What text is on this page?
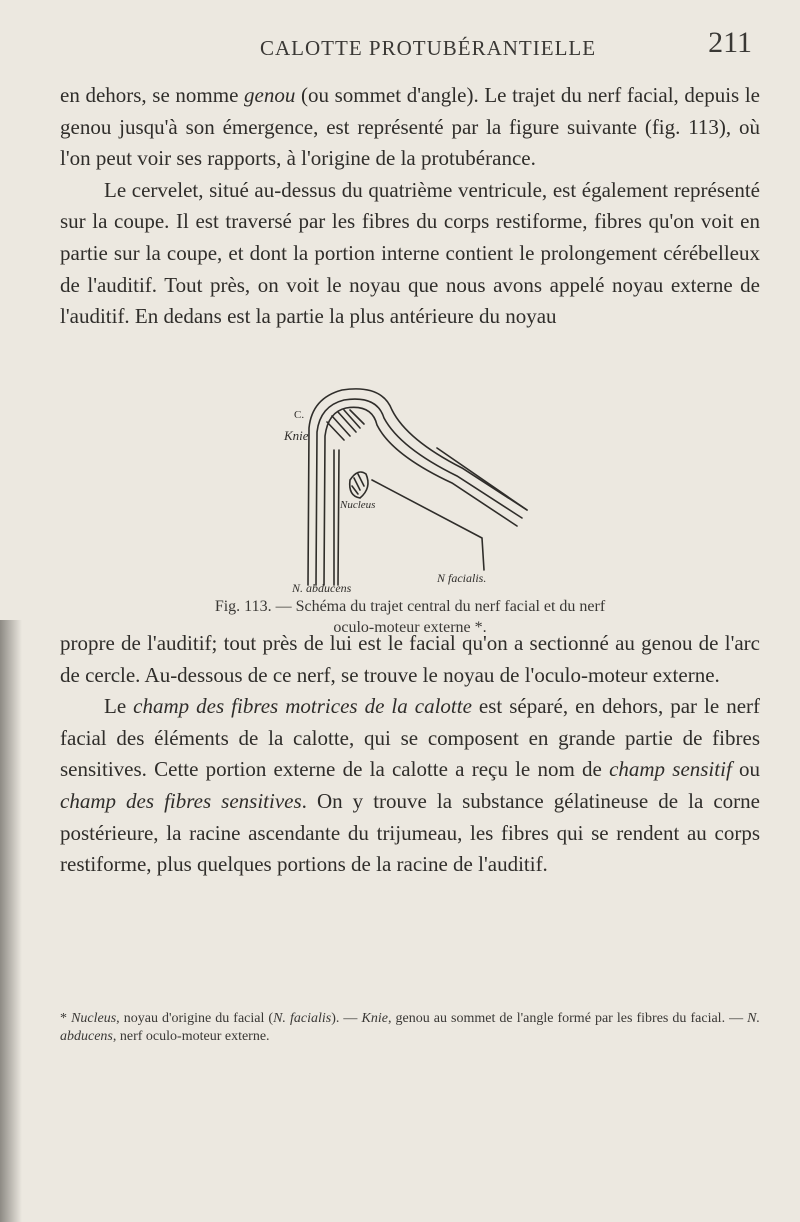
CALOTTE PROTUBÉRANTIELLE	211

en dehors, se nomme genou (ou sommet d'angle). Le trajet du nerf facial, depuis le genou jusqu'à son émergence, est représenté par la figure suivante (fig. 113), où l'on peut voir ses rapports, à l'origine de la protubérance.

Le cervelet, situé au-dessus du quatrième ventricule, est également représenté sur la coupe. Il est traversé par les fibres du corps restiforme, fibres qu'on voit en partie sur la coupe, et dont la portion interne contient le prolongement cérébelleux de l'auditif. Tout près, on voit le noyau que nous avons appelé noyau externe de l'auditif. En dedans est la partie la plus antérieure du noyau

C.
Knie
Nucleus
N. abducens
N facialis.
Fig. 113. — Schéma du trajet central du nerf facial et du nerf
oculo-moteur externe *.

propre de l'auditif; tout près de lui est le facial qu'on a sectionné au genou de l'arc de cercle. Au-dessous de ce nerf, se trouve le noyau de l'oculo-moteur externe.

Le champ des fibres motrices de la calotte est séparé, en dehors, par le nerf facial des éléments de la calotte, qui se composent en grande partie de fibres sensitives. Cette portion externe de la calotte a reçu le nom de champ sensitif ou champ des fibres sensitives. On y trouve la substance gélatineuse de la corne postérieure, la racine ascendante du trijumeau, les fibres qui se rendent au corps restiforme, plus quelques portions de la racine de l'auditif.

* Nucleus, noyau d'origine du facial (N. facialis). — Knie, genou au sommet de l'angle formé par les fibres du facial. — N. abducens, nerf oculo-moteur externe.
